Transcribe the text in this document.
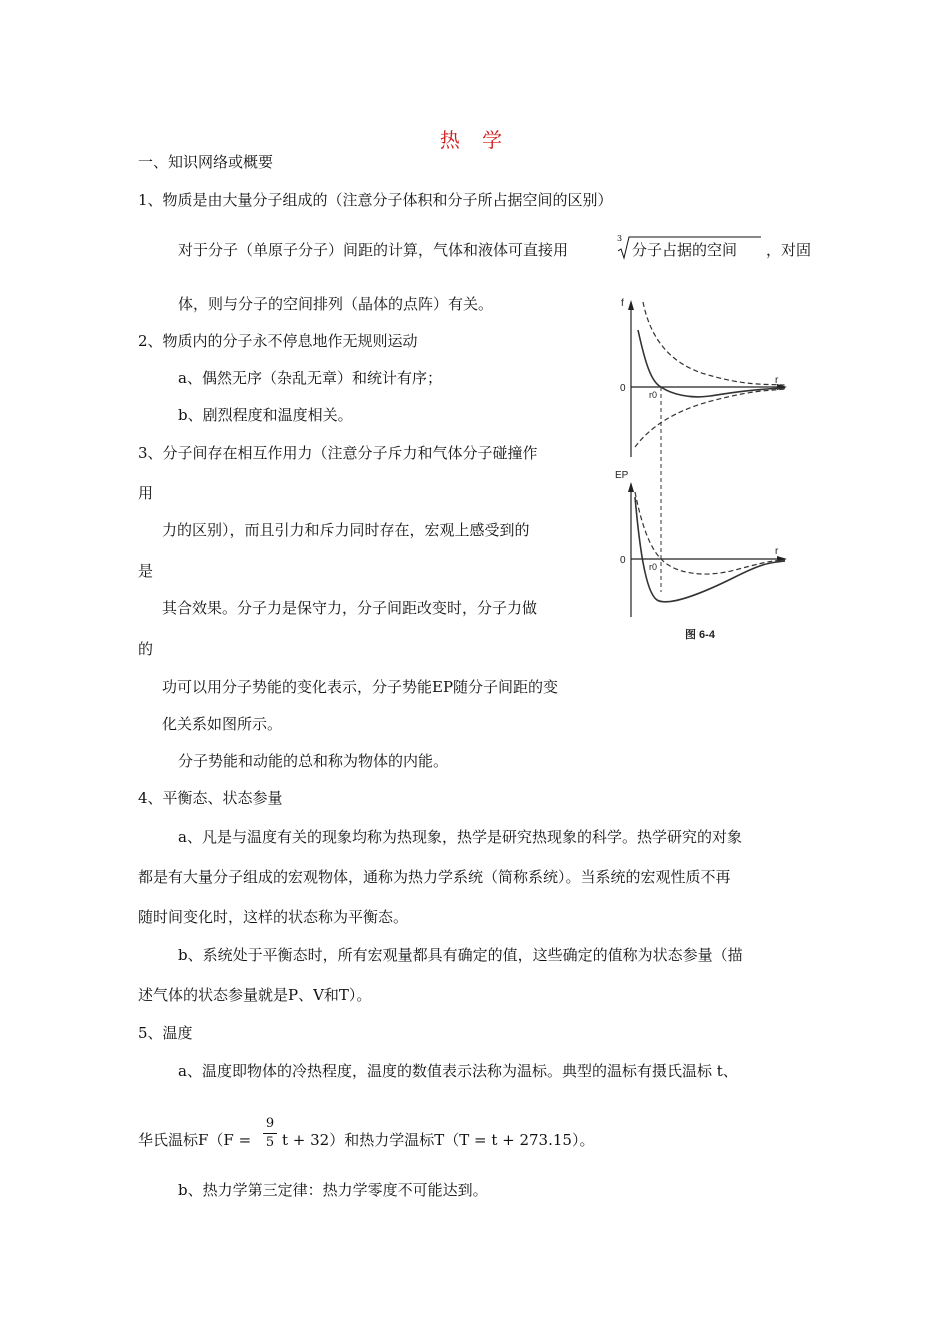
热 学
一、知识网络或概要
1、物质是由大量分子组成的（注意分子体积和分子所占据空间的区别）
对于分子（单原子分子）间距的计算，气体和液体可直接用
3
分子占据的空间 ，对固
体，则与分子的空间排列（晶体的点阵）有关。
2、物质内的分子永不停息地作无规则运动
a、偶然无序（杂乱无章）和统计有序；
b、剧烈程度和温度相关。
3、分子间存在相互作用力（注意分子斥力和气体分子碰撞作
用
力的区别），而且引力和斥力同时存在，宏观上感受到的
是
其合效果。分子力是保守力，分子间距改变时，分子力做
的
功可以用分子势能的变化表示，分子势能EP随分子间距的变
化关系如图所示。
分子势能和动能的总和称为物体的内能。
4、平衡态、状态参量
a、凡是与温度有关的现象均称为热现象，热学是研究热现象的科学。热学研究的对象
都是有大量分子组成的宏观物体，通称为热力学系统（简称系统）。当系统的宏观性质不再
随时间变化时，这样的状态称为平衡态。
b、系统处于平衡态时，所有宏观量都具有确定的值，这些确定的值称为状态参量（描
述气体的状态参量就是P、V和T）。
5、温度
a、温度即物体的冷热程度，温度的数值表示法称为温标。典型的温标有摄氏温标 t、
华氏温标F（F =
9
5 t + 32）和热力学温标T（T = t + 273.15）。
b、热力学第三定律：热力学零度不可能达到。
f
r
0
r0
EP
r
0
r0
图 6-4
